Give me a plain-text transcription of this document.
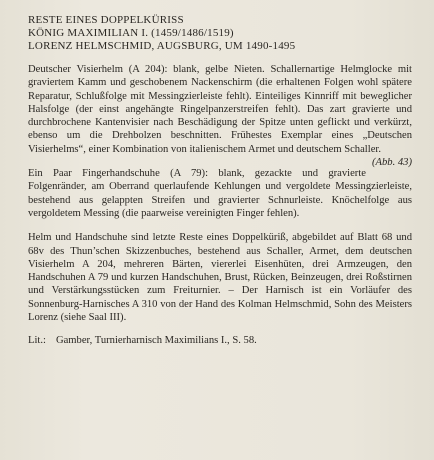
RESTE EINES DOPPELKÜRISS

KÖNIG MAXIMILIAN I. (1459/1486/1519)

LORENZ HELMSCHMID, AUGSBURG, UM 1490-1495

Deutscher Visierhelm (A 204): blank, gelbe Nieten. Schallernartige Helmglocke mit graviertem Kamm und geschobenem Nackenschirm (die erhaltenen Folgen wohl spätere Reparatur, Schlußfolge mit Messingzierleiste fehlt). Einteiliges Kinnriff mit beweglicher Halsfolge (der einst angehängte Ringelpanzerstreifen fehlt). Das zart gravierte und durchbrochene Kantenvisier nach Beschädigung der Spitze unten geflickt und verkürzt, ebenso um die Drehbolzen beschnitten. Frühestes Exemplar eines „Deutschen Visierhelms“, einer Kombination von italienischem Armet und deutschem Schaller.
(Abb. 43)

Ein Paar Fingerhandschuhe (A 79): blank, gezackte und gravierte Folgenränder, am Oberrand querlaufende Kehlungen und vergoldete Messingzierleiste, bestehend aus gelappten Streifen und gravierter Schnurleiste. Knöchelfolge aus vergoldetem Messing (die paarweise vereinigten Finger fehlen).

Helm und Handschuhe sind letzte Reste eines Doppelküriß, abgebildet auf Blatt 68 und 68v des Thun’schen Skizzenbuches, bestehend aus Schaller, Armet, dem deutschen Visierhelm A 204, mehreren Bärten, viererlei Eisenhüten, drei Armzeugen, den Handschuhen A 79 und kurzen Handschuhen, Brust, Rücken, Beinzeugen, drei Roßstirnen und Verstärkungsstücken zum Freiturnier. – Der Harnisch ist ein Vorläufer des Sonnenburg-Harnisches A 310 von der Hand des Kolman Helmschmid, Sohn des Meisters Lorenz (siehe Saal III).

Lit.: Gamber, Turnierharnisch Maximilians I., S. 58.
